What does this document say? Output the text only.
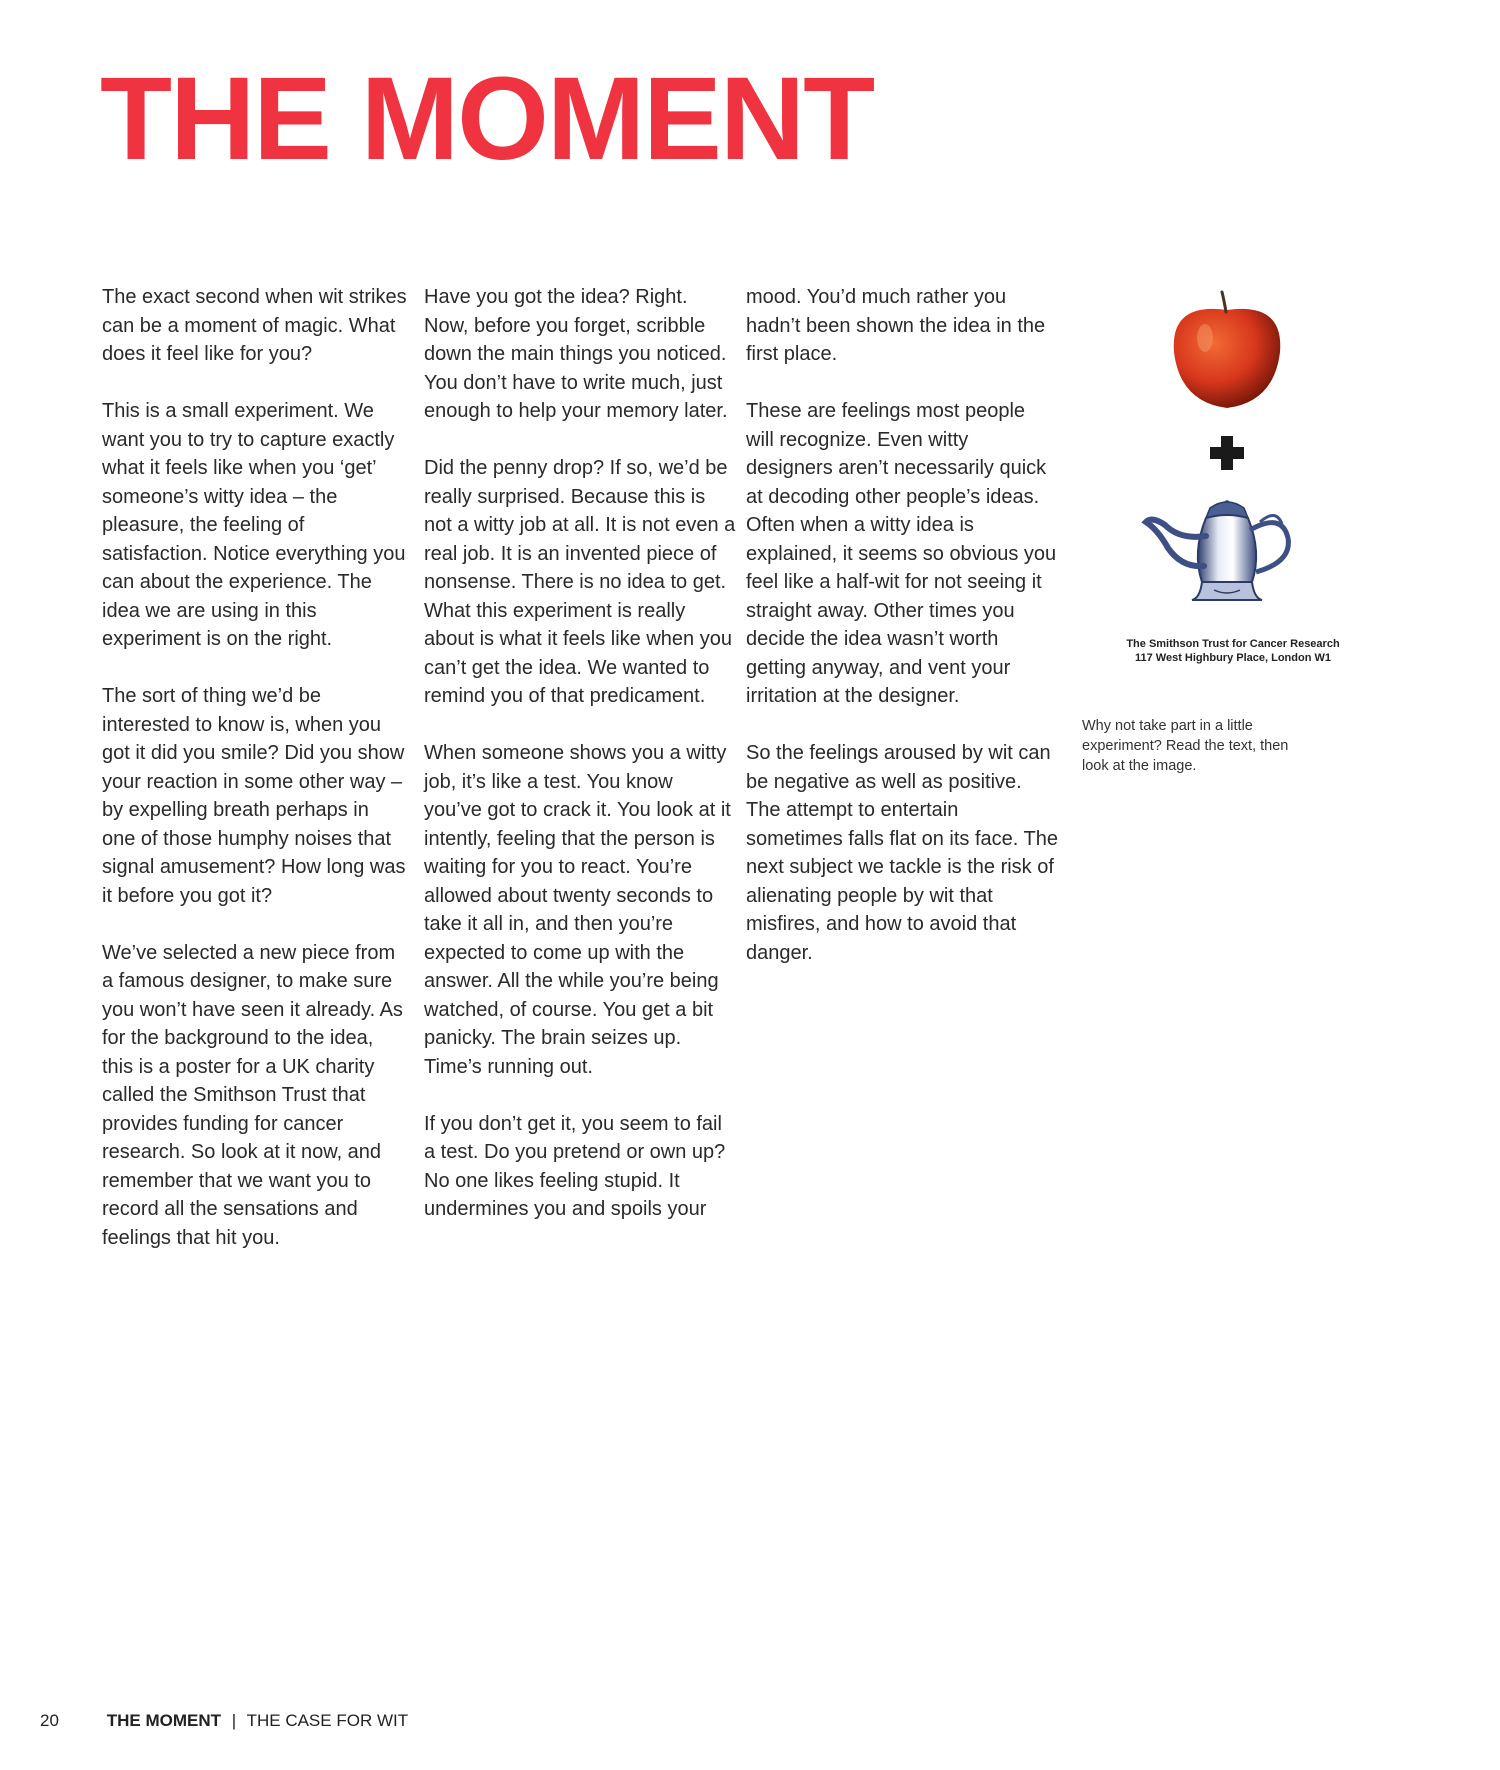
THE MOMENT

The exact second when wit strikes can be a moment of magic. What does it feel like for you?

This is a small experiment. We want you to try to capture exactly what it feels like when you ‘get’ someone’s witty idea – the pleasure, the feeling of satisfaction. Notice everything you can about the experience. The idea we are using in this experiment is on the right.

The sort of thing we’d be interested to know is, when you got it did you smile? Did you show your reaction in some other way – by expelling breath perhaps in one of those humphy noises that signal amusement? How long was it before you got it?

We’ve selected a new piece from a famous designer, to make sure you won’t have seen it already. As for the background to the idea, this is a poster for a UK charity called the Smithson Trust that provides funding for cancer research. So look at it now, and remember that we want you to record all the sensations and feelings that hit you.

Have you got the idea? Right. Now, before you forget, scribble down the main things you noticed. You don’t have to write much, just enough to help your memory later.

Did the penny drop? If so, we’d be really surprised. Because this is not a witty job at all. It is not even a real job. It is an invented piece of nonsense. There is no idea to get. What this experiment is really about is what it feels like when you can’t get the idea. We wanted to remind you of that predicament.

When someone shows you a witty job, it’s like a test. You know you’ve got to crack it. You look at it intently, feeling that the person is waiting for you to react. You’re allowed about twenty seconds to take it all in, and then you’re expected to come up with the answer. All the while you’re being watched, of course. You get a bit panicky. The brain seizes up. Time’s running out.

If you don’t get it, you seem to fail a test. Do you pretend or own up? No one likes feeling stupid. It undermines you and spoils your

mood. You’d much rather you hadn’t been shown the idea in the first place.

These are feelings most people will recognize. Even witty designers aren’t necessarily quick at decoding other people’s ideas. Often when a witty idea is explained, it seems so obvious you feel like a half-wit for not seeing it straight away. Other times you decide the idea wasn’t worth getting anyway, and vent your irritation at the designer.

So the feelings aroused by wit can be negative as well as positive. The attempt to entertain sometimes falls flat on its face. The next subject we tackle is the risk of alienating people by wit that misfires, and how to avoid that danger.

The Smithson Trust for Cancer Research
117 West Highbury Place, London W1
Why not take part in a little experiment? Read the text, then look at the image.
20	THE MOMENT | THE CASE FOR WIT
